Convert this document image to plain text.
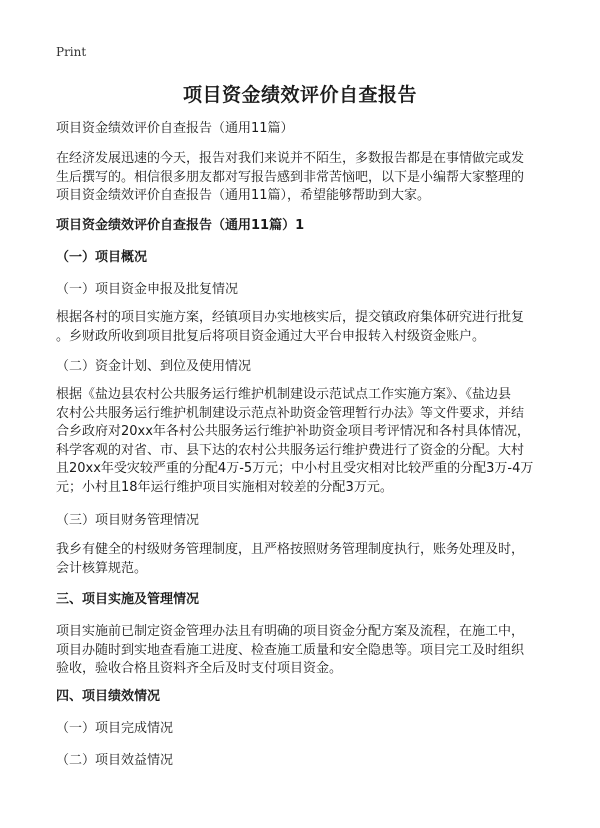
Print
项目资金绩效评价自查报告
项目资金绩效评价自查报告（通用11篇）
在经济发展迅速的今天，报告对我们来说并不陌生，多数报告都是在事情做完或发
生后撰写的。相信很多朋友都对写报告感到非常苦恼吧，以下是小编帮大家整理的
项目资金绩效评价自查报告（通用11篇），希望能够帮助到大家。
项目资金绩效评价自查报告（通用11篇）1
（一）项目概况
（一）项目资金申报及批复情况
根据各村的项目实施方案，经镇项目办实地核实后，提交镇政府集体研究进行批复
。乡财政所收到项目批复后将项目资金通过大平台申报转入村级资金账户。
（二）资金计划、到位及使用情况
根据《盐边县农村公共服务运行维护机制建设示范试点工作实施方案》、《盐边县
农村公共服务运行维护机制建设示范点补助资金管理暂行办法》等文件要求，并结
合乡政府对20xx年各村公共服务运行维护补助资金项目考评情况和各村具体情况，
科学客观的对省、市、县下达的农村公共服务运行维护费进行了资金的分配。大村
且20xx年受灾较严重的分配4万-5万元；中小村且受灾相对比较严重的分配3万-4万
元；小村且18年运行维护项目实施相对较差的分配3万元。
（三）项目财务管理情况
我乡有健全的村级财务管理制度，且严格按照财务管理制度执行，账务处理及时，
会计核算规范。
三、项目实施及管理情况
项目实施前已制定资金管理办法且有明确的项目资金分配方案及流程，在施工中，
项目办随时到实地查看施工进度、检查施工质量和安全隐患等。项目完工及时组织
验收，验收合格且资料齐全后及时支付项目资金。
四、项目绩效情况
（一）项目完成情况
（二）项目效益情况
